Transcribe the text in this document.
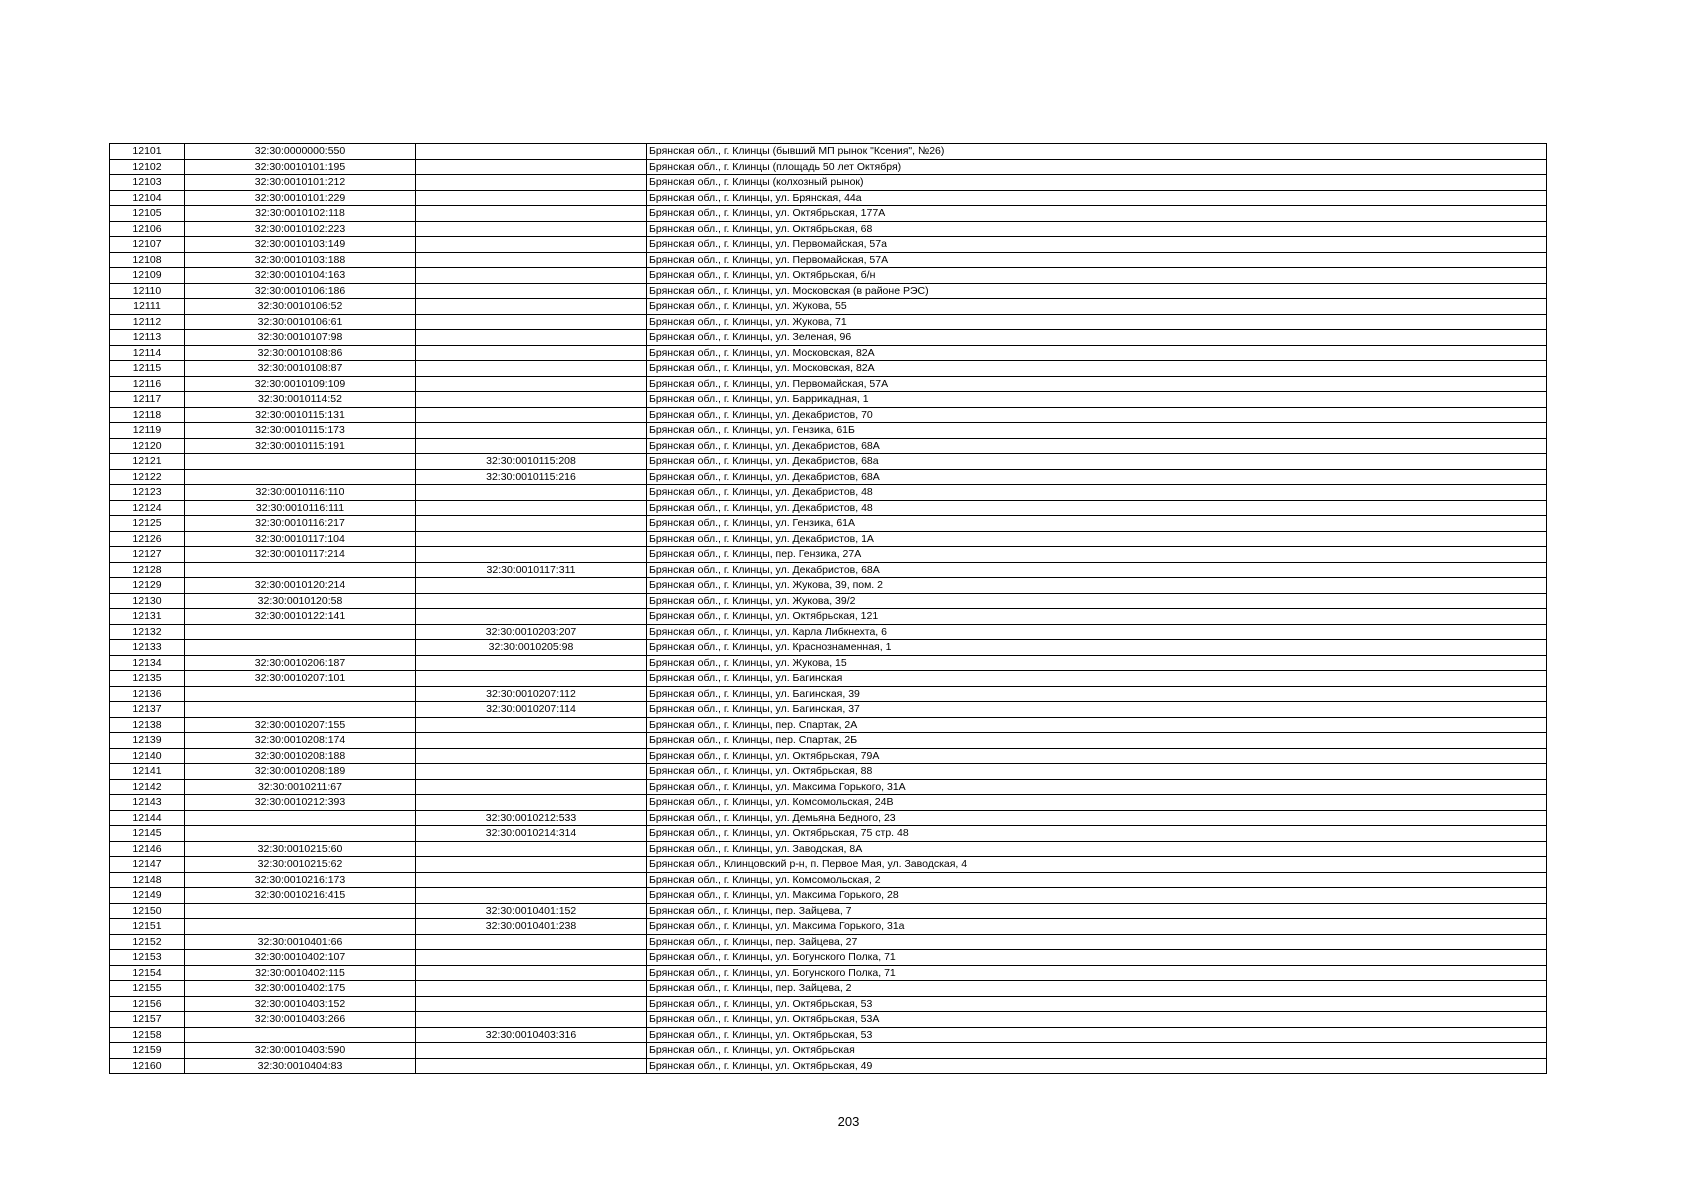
12101	32:30:0000000:550		Брянская обл., г. Клинцы (бывший МП рынок "Ксения", №26)
12102	32:30:0010101:195		Брянская обл., г. Клинцы (площадь 50 лет Октября)
12103	32:30:0010101:212		Брянская обл., г. Клинцы (колхозный рынок)
12104	32:30:0010101:229		Брянская обл., г. Клинцы, ул. Брянская, 44а
12105	32:30:0010102:118		Брянская обл., г. Клинцы, ул. Октябрьская, 177А
12106	32:30:0010102:223		Брянская обл., г. Клинцы, ул. Октябрьская, 68
12107	32:30:0010103:149		Брянская обл., г. Клинцы, ул. Первомайская, 57а
12108	32:30:0010103:188		Брянская обл., г. Клинцы, ул. Первомайская, 57А
12109	32:30:0010104:163		Брянская обл., г. Клинцы, ул. Октябрьская, б/н
12110	32:30:0010106:186		Брянская обл., г. Клинцы, ул. Московская (в районе РЭС)
12111	32:30:0010106:52		Брянская обл., г. Клинцы, ул. Жукова, 55
12112	32:30:0010106:61		Брянская обл., г. Клинцы, ул. Жукова, 71
12113	32:30:0010107:98		Брянская обл., г. Клинцы, ул. Зеленая, 96
12114	32:30:0010108:86		Брянская обл., г. Клинцы, ул. Московская, 82А
12115	32:30:0010108:87		Брянская обл., г. Клинцы, ул. Московская, 82А
12116	32:30:0010109:109		Брянская обл., г. Клинцы, ул. Первомайская, 57А
12117	32:30:0010114:52		Брянская обл., г. Клинцы, ул. Баррикадная, 1
12118	32:30:0010115:131		Брянская обл., г. Клинцы, ул. Декабристов, 70
12119	32:30:0010115:173		Брянская обл., г. Клинцы, ул. Гензика, 61Б
12120	32:30:0010115:191		Брянская обл., г. Клинцы, ул. Декабристов, 68А
12121		32:30:0010115:208	Брянская обл., г. Клинцы, ул. Декабристов, 68а
12122		32:30:0010115:216	Брянская обл., г. Клинцы, ул. Декабристов, 68А
12123	32:30:0010116:110		Брянская обл., г. Клинцы, ул. Декабристов, 48
12124	32:30:0010116:111		Брянская обл., г. Клинцы, ул. Декабристов, 48
12125	32:30:0010116:217		Брянская обл., г. Клинцы, ул. Гензика, 61А
12126	32:30:0010117:104		Брянская обл., г. Клинцы, ул. Декабристов, 1А
12127	32:30:0010117:214		Брянская обл., г. Клинцы, пер. Гензика, 27А
12128		32:30:0010117:311	Брянская обл., г. Клинцы, ул. Декабристов, 68А
12129	32:30:0010120:214		Брянская обл., г. Клинцы, ул. Жукова, 39, пом. 2
12130	32:30:0010120:58		Брянская обл., г. Клинцы, ул. Жукова, 39/2
12131	32:30:0010122:141		Брянская обл., г. Клинцы, ул. Октябрьская, 121
12132		32:30:0010203:207	Брянская обл., г. Клинцы, ул. Карла Либкнехта, 6
12133		32:30:0010205:98	Брянская обл., г. Клинцы, ул. Краснознаменная, 1
12134	32:30:0010206:187		Брянская обл., г. Клинцы, ул. Жукова, 15
12135	32:30:0010207:101		Брянская обл., г. Клинцы, ул. Багинская
12136		32:30:0010207:112	Брянская обл., г. Клинцы, ул. Багинская, 39
12137		32:30:0010207:114	Брянская обл., г. Клинцы, ул. Багинская, 37
12138	32:30:0010207:155		Брянская обл., г. Клинцы, пер. Спартак, 2А
12139	32:30:0010208:174		Брянская обл., г. Клинцы, пер. Спартак, 2Б
12140	32:30:0010208:188		Брянская обл., г. Клинцы, ул. Октябрьская, 79А
12141	32:30:0010208:189		Брянская обл., г. Клинцы, ул. Октябрьская, 88
12142	32:30:0010211:67		Брянская обл., г. Клинцы, ул. Максима Горького, 31А
12143	32:30:0010212:393		Брянская обл., г. Клинцы, ул. Комсомольская, 24В
12144		32:30:0010212:533	Брянская обл., г. Клинцы, ул. Демьяна Бедного, 23
12145		32:30:0010214:314	Брянская обл., г. Клинцы, ул. Октябрьская, 75 стр. 48
12146	32:30:0010215:60		Брянская обл., г. Клинцы, ул. Заводская, 8А
12147	32:30:0010215:62		Брянская обл., Клинцовский р-н, п. Первое Мая, ул. Заводская, 4
12148	32:30:0010216:173		Брянская обл., г. Клинцы, ул. Комсомольская, 2
12149	32:30:0010216:415		Брянская обл., г. Клинцы, ул. Максима Горького, 28
12150		32:30:0010401:152	Брянская обл., г. Клинцы, пер. Зайцева, 7
12151		32:30:0010401:238	Брянская обл., г. Клинцы, ул. Максима Горького, 31а
12152	32:30:0010401:66		Брянская обл., г. Клинцы, пер. Зайцева, 27
12153	32:30:0010402:107		Брянская обл., г. Клинцы, ул. Богунского Полка, 71
12154	32:30:0010402:115		Брянская обл., г. Клинцы, ул. Богунского Полка, 71
12155	32:30:0010402:175		Брянская обл., г. Клинцы, пер. Зайцева, 2
12156	32:30:0010403:152		Брянская обл., г. Клинцы, ул. Октябрьская, 53
12157	32:30:0010403:266		Брянская обл., г. Клинцы, ул. Октябрьская, 53А
12158		32:30:0010403:316	Брянская обл., г. Клинцы, ул. Октябрьская, 53
12159	32:30:0010403:590		Брянская обл., г. Клинцы, ул. Октябрьская
12160	32:30:0010404:83		Брянская обл., г. Клинцы, ул. Октябрьская, 49
203
